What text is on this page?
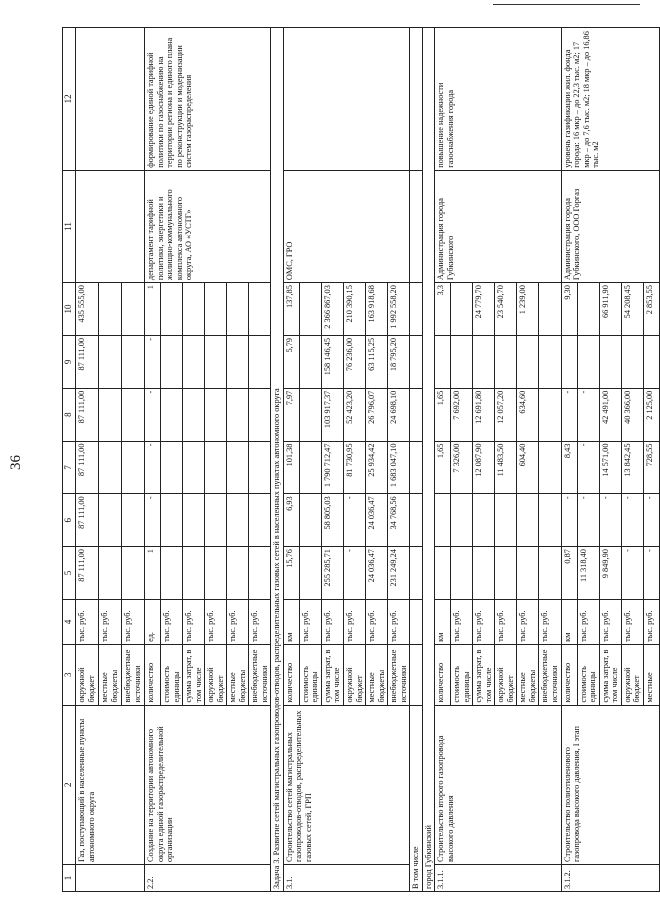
36
1	2	3	4	5	6	7	8	9	10	11	12
	Газ, поступающий в населенные пункты автономного округа	окружной бюджет	тыс. руб.	87 111,00	87 111,00	87 111,00	87 111,00	87 111,00	435 555,00		
		местные бюджеты	тыс. руб.								
		внебюджетные источники	тыс. руб.								
2.2.	Создание на территории автономного округа единой газораспределительной организации	количество	ед.	1	-	-	-	-	1	департамент тарифной политики, энергетики и жилищно-коммунального комплекса автономного округа, АО «УСТГ»	формирование единой тарифной политики по газоснабжению на территории региона и единого плана по реконструкции и модернизации систем газораспределения
		стоимость единицы	тыс. руб.								
		сумма затрат, в том числе	тыс. руб.								
		окружной бюджет	тыс. руб.								
		местные бюджеты	тыс. руб.								
		внебюджетные источники	тыс. руб.								
Задача 3. Развитие сетей магистральных газопроводов-отводов, распределительных газовых сетей в населенных пунктах автономного округа											
3.1.	Строительство сетей магистральных газопроводов-отводов, распределительных газовых сетей, ГРП	количество	км	15,76	6,93	101,38	7,97	5,79	137,85	ОМС, ГРО	
		стоимость единицы	тыс. руб.								
		сумма затрат, в том числе	тыс. руб.	255 285,71	58 805,03	1 790 712,47	103 917,37	158 146,45	2 366 867,03		
		окружной бюджет	тыс. руб.	-	-	81 730,95	52 423,20	76 236,00	210 390,15		
		местные бюджеты	тыс. руб.	24 036,47	24 036,47	25 934,42	26 796,07	63 115,25	163 918,68		
		внебюджетные источники	тыс. руб.	231 249,24	34 768,56	1 683 047,10	24 698,10	18 795,20	1 992 558,20		
В том числе											
город Губкинский											
3.1.1.	Строительство второго газопровода высокого давления	количество	км			1,65	1,65		3,3	Администрация города Губкинского	повышение надежности газоснабжения города
		стоимость единицы	тыс. руб.			7 326,00	7 692,00				
		сумма затрат, в том числе	тыс. руб.			12 087,90	12 691,80		24 779,70		
		окружной бюджет	тыс. руб.			11 483,50	12 057,20		23 540,70		
		местные бюджеты	тыс. руб.			604,40	634,60		1 239,00		
		внебюджетные источники	тыс. руб.								
3.1.2.	Строительство полиэтиленового газопровода высокого давления, I этап	количество	км	0,87	-	8,43	-		9,30	Администрация города Губкинского, ООО Горгаз	уровень газификации жил. фонда города: 16 мкр – до 22,3 тыс. м2; 17 мкр – до 7,6 тыс. м2; 18 мкр – до 16,86 тыс. м2
		стоимость единицы	тыс. руб.	11 318,40	-	-	-				
		сумма затрат, в том числе	тыс. руб.	9 849,90	-	14 571,00	42 491,00		66 911,90		
		окружной бюджет	тыс. руб.	-	-	13 842,45	40 366,00		54 208,45		
		местные	тыс. руб.	-	-	728,55	2 125,00		2 853,55		
